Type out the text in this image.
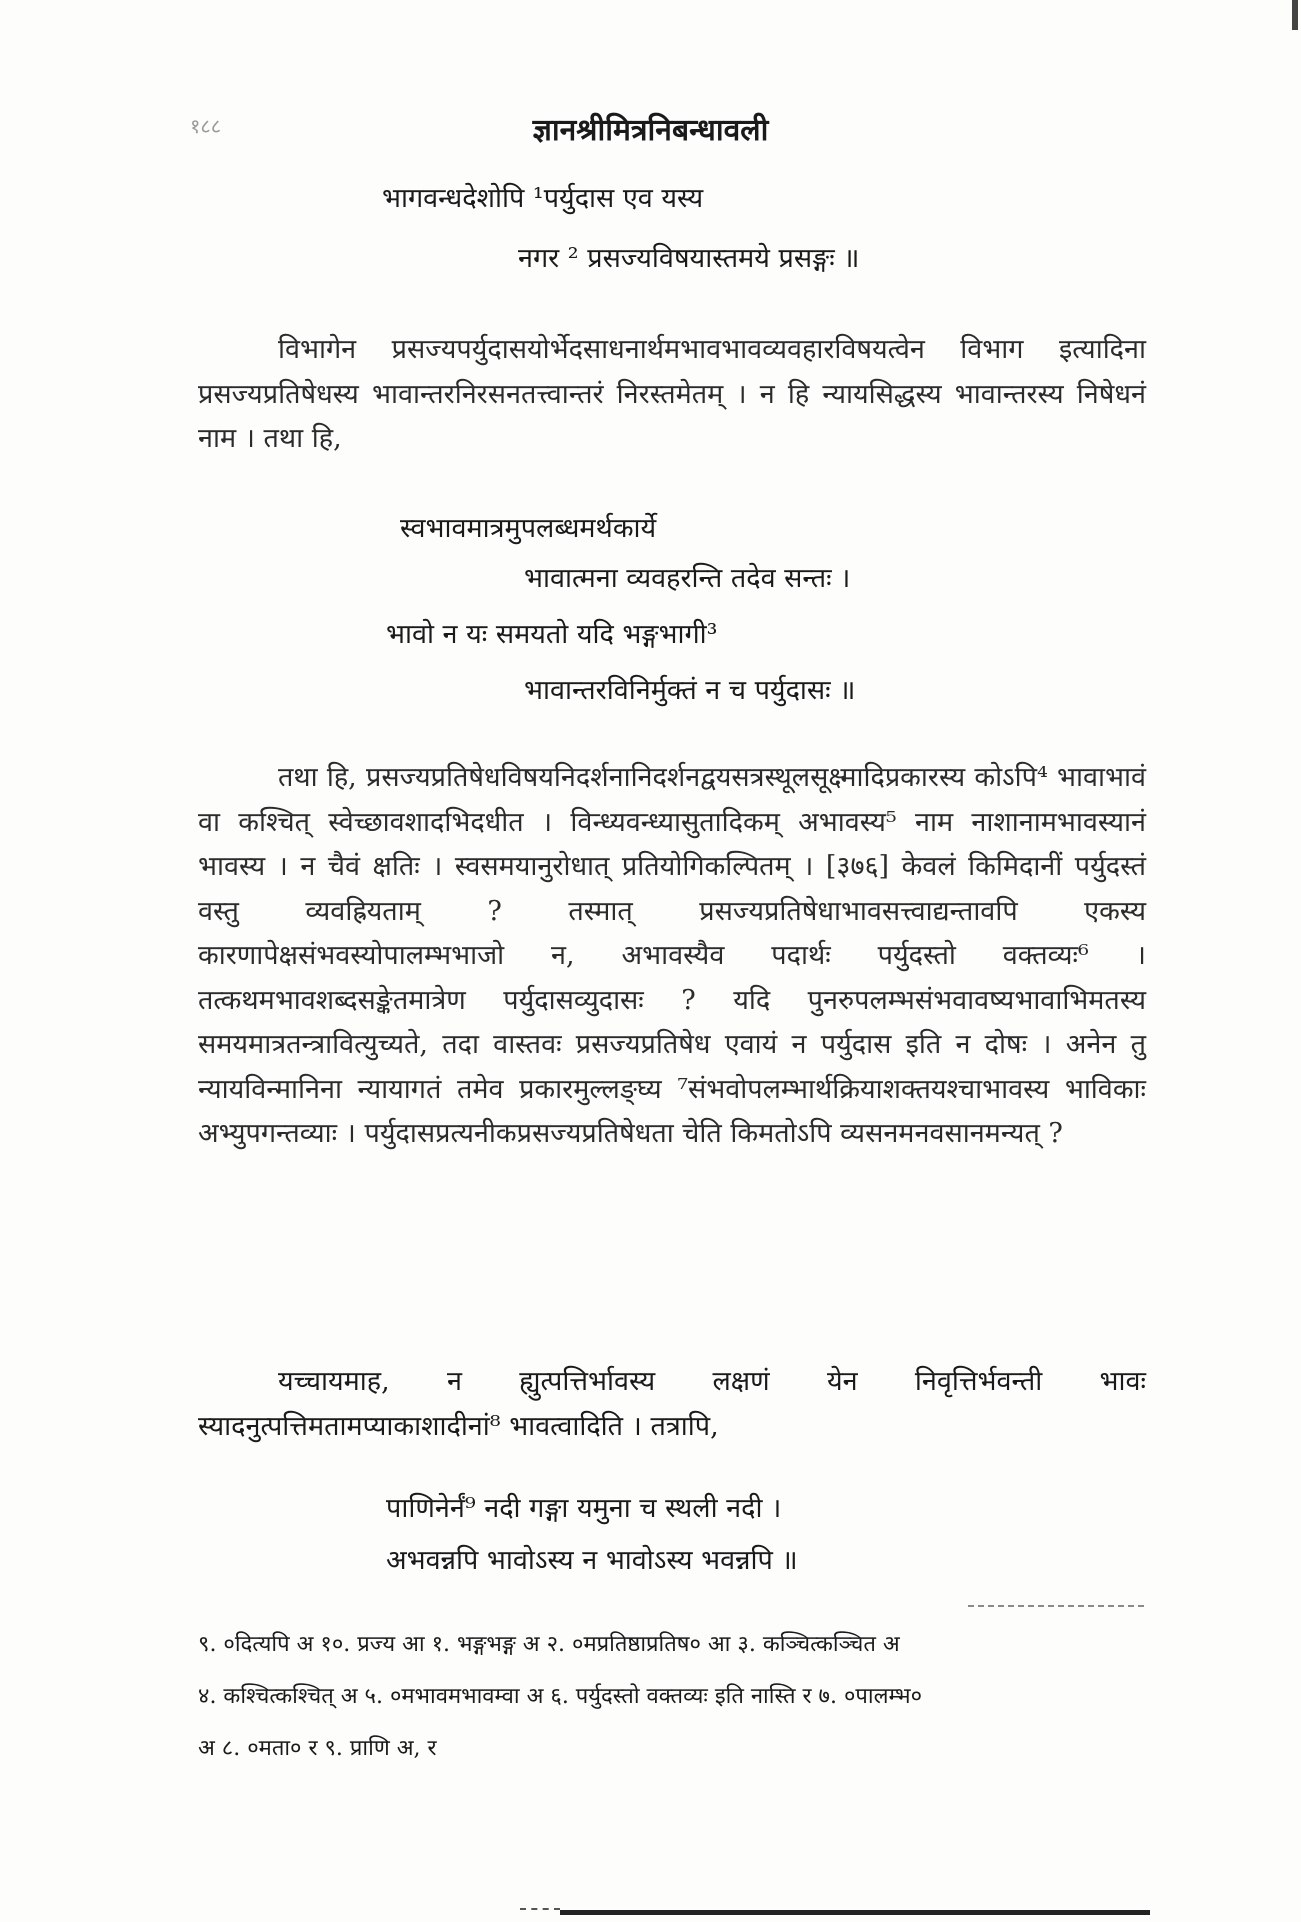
१८८	ज्ञानश्रीमित्रनिबन्धावली
भागवन्धदेशोपि ¹पर्युदास एव यस्य
नगर ² प्रसज्यविषयास्तमये प्रसङ्गः ॥

विभागेन प्रसज्यपर्युदासयोर्भेदसाधनार्थमभावभावव्यवहारविषयत्वेन विभाग इत्यादिना प्रसज्यप्रतिषेधस्य भावान्तरनिरसनतत्त्वान्तरं निरस्तमेतम् । न हि न्यायसिद्धस्य भावान्तरस्य निषेधनं नाम । तथा हि,

स्वभावमात्रमुपलब्धमर्थकार्ये
भावात्मना व्यवहरन्ति तदेव सन्तः ।
भावो न यः समयतो यदि भङ्गभागी³
भावान्तरविनिर्मुक्तं न च पर्युदासः ॥

तथा हि, प्रसज्यप्रतिषेधविषयनिदर्शनानिदर्शनद्वयसत्रस्थूलसूक्ष्मादिप्रकारस्य कोऽपि⁴ भावाभावं वा कश्चित् स्वेच्छावशादभिदधीत । विन्ध्यवन्ध्यासुतादिकम् अभावस्य⁵ नाम नाशानामभावस्यानं भावस्य । न चैवं क्षतिः । स्वसमयानुरोधात् प्रतियोगिकल्पितम् । [३७६] केवलं किमिदानीं पर्युदस्तं वस्तु व्यवह्रियताम् ? तस्मात् प्रसज्यप्रतिषेधाभावसत्त्वाद्यन्तावपि एकस्य कारणापेक्षसंभवस्योपालम्भभाजो न, अभावस्यैव पदार्थः पर्युदस्तो वक्तव्यः⁶ । तत्कथमभावशब्दसङ्केतमात्रेण पर्युदासव्युदासः ? यदि पुनरुपलम्भसंभवावष्यभावाभिमतस्य समयमात्रतन्त्रावित्युच्यते, तदा वास्तवः प्रसज्यप्रतिषेध एवायं न पर्युदास इति न दोषः । अनेन तु न्यायविन्मानिना न्यायागतं तमेव प्रकारमुल्लङ्घ्य ⁷संभवोपलम्भार्थक्रियाशक्तयश्चाभावस्य भाविकाः अभ्युपगन्तव्याः । पर्युदासप्रत्यनीकप्रसज्यप्रतिषेधता चेति किमतोऽपि व्यसनमनवसानमन्यत् ?

यच्चायमाह, न ह्युत्पत्तिर्भावस्य लक्षणं येन निवृत्तिर्भवन्ती भावः स्यादनुत्पत्तिमतामप्याकाशादीनां⁸ भावत्वादिति । तत्रापि,

पाणिनेर्नं⁹ नदी गङ्गा यमुना च स्थली नदी ।
अभवन्नपि भावोऽस्य न भावोऽस्य भवन्नपि ॥
९. ०दित्यपि अ १०. प्रज्य आ १. भङ्गभङ्ग अ २. ०मप्रतिष्ठाप्रतिष० आ ३. कञ्चित्कञ्चित अ
४. कश्चित्कश्चित् अ ५. ०मभावमभावम्वा अ ६. पर्युदस्तो वक्तव्यः इति नास्ति र ७. ०पालम्भ०
अ ८. ०मता० र ९. प्राणि अ, र
